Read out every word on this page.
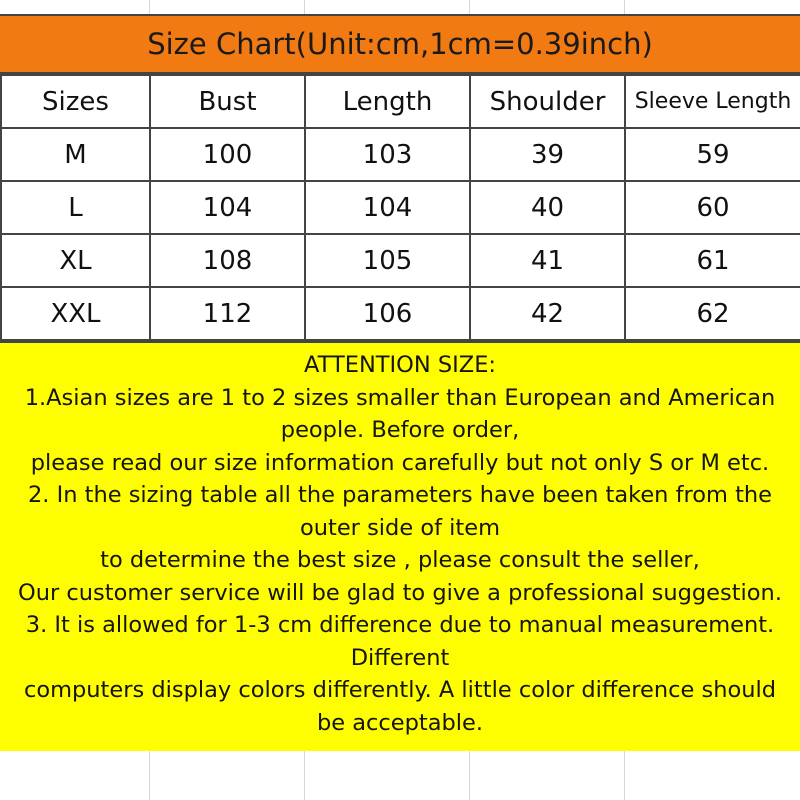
Size Chart(Unit:cm,1cm=0.39inch)
Sizes	Bust	Length	Shoulder	Sleeve Length
M	100	103	39	59
L	104	104	40	60
XL	108	105	41	61
XXL	112	106	42	62
ATTENTION SIZE:
1.Asian sizes are 1 to 2 sizes smaller than European and American
people. Before order,
please read our size information carefully but not only S or M etc.
2. In the sizing table all the parameters have been taken from the
outer side of item
to determine the best size , please consult the seller,
Our customer service will be glad to give a professional suggestion.
3. It is allowed for 1-3 cm difference due to manual measurement.
Different
computers display colors differently. A little color difference should
be acceptable.
